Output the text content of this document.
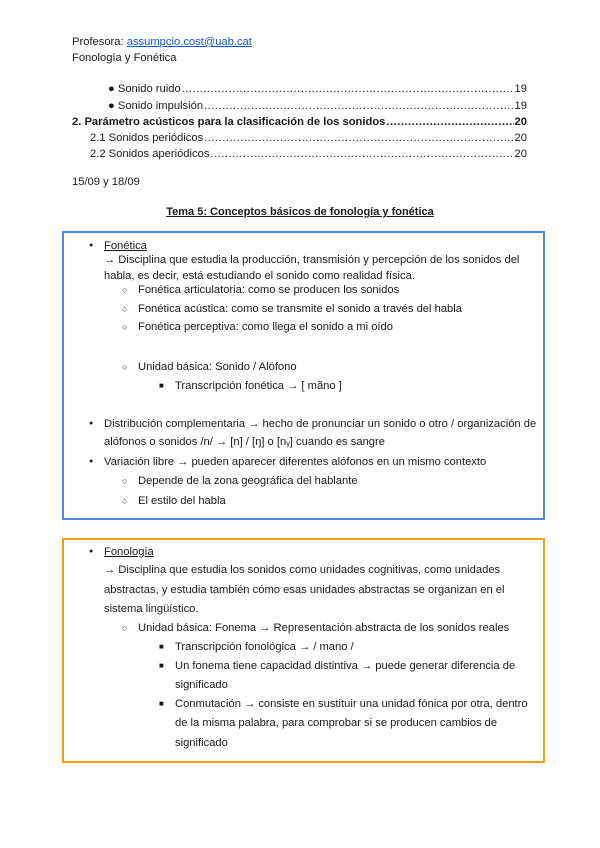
Profesora: assumpcio.cost@uab.cat
Fonología y Fonética
● Sonido ruido .....	19
● Sonido impulsión .....	19
2. Parámetro acústicos para la clasificación de los sonidos .....	20
2.1 Sonidos periódicos .....	20
2.2 Sonidos aperiódicos .....	20
15/09 y 18/09
Tema 5: Conceptos básicos de fonología y fonética
● Fonética
→ Disciplina que estudia la producción, transmisión y percepción de los sonidos del
habla, es decir, está estudiando el sonido como realidad física.
○ Fonética articulatoria: como se producen los sonidos
○ Fonética acústica: como se transmite el sonido a través del habla
○ Fonética perceptiva: como llega el sonido a mi oído
○ Unidad básica: Sonido / Alófono
■ Transcripción fonética → [ mãno ]
● Distribución complementaria → hecho de pronunciar un sonido o otro / organización de
alófonos o sonidos /n/ → [n] / [ŋ] o [nᵧ] cuando es sangre
● Variación libre → pueden aparecer diferentes alófonos en un mismo contexto
○ Depende de la zona geográfica del hablante
○ El estilo del habla
● Fonología
→ Disciplina que estudia los sonidos como unidades cognitivas, como unidades
abstractas, y estudia también cómo esas unidades abstractas se organizan en el
sistema lingüístico.
○ Unidad básica: Fonema → Representación abstracta de los sonidos reales
■ Transcripción fonológica → / mano /
■ Un fonema tiene capacidad distintiva → puede generar diferencia de
significado
■ Conmutación → consiste en sustituir una unidad fónica por otra, dentro
de la misma palabra, para comprobar si se producen cambios de
significado
